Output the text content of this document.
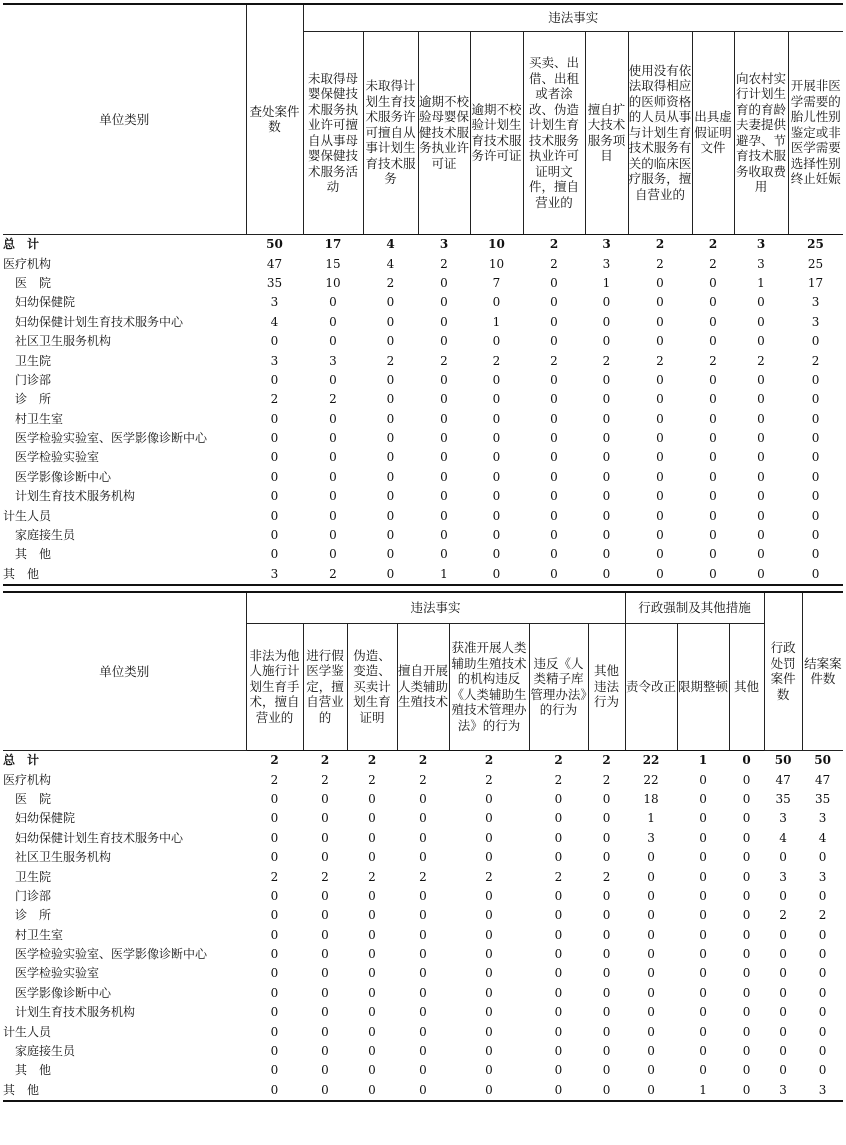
单位类别	查处案件数	违法事实									
		未取得母婴保健技术服务执业许可擅自从事母婴保健技术服务活动	未取得计划生育技术服务许可擅自从事计划生育技术服务	逾期不校验母婴保健技术服务执业许可证	逾期不校验计划生育技术服务许可证	买卖、出借、出租或者涂改、伪造计划生育技术服务执业许可证明文件，擅自营业的	擅自扩大技术服务项目	使用没有依法取得相应的医师资格的人员从事与计划生育技术服务有关的临床医疗服务，擅自营业的	出具虚假证明文件	向农村实行计划生育的育龄夫妻提供避孕、节育技术服务收取费用	开展非医学需要的胎儿性别鉴定或非医学需要选择性别终止妊娠
总　计	50	17	4	3	10	2	3	2	2	3	25
医疗机构	47	15	4	2	10	2	3	2	2	3	25
　医　院	35	10	2	0	7	0	1	0	0	1	17
　妇幼保健院	3	0	0	0	0	0	0	0	0	0	3
　妇幼保健计划生育技术服务中心	4	0	0	0	1	0	0	0	0	0	3
　社区卫生服务机构	0	0	0	0	0	0	0	0	0	0	0
　卫生院	3	3	2	2	2	2	2	2	2	2	2
　门诊部	0	0	0	0	0	0	0	0	0	0	0
　诊　所	2	2	0	0	0	0	0	0	0	0	0
　村卫生室	0	0	0	0	0	0	0	0	0	0	0
　医学检验实验室、医学影像诊断中心	0	0	0	0	0	0	0	0	0	0	0
　医学检验实验室	0	0	0	0	0	0	0	0	0	0	0
　医学影像诊断中心	0	0	0	0	0	0	0	0	0	0	0
　计划生育技术服务机构	0	0	0	0	0	0	0	0	0	0	0
计生人员	0	0	0	0	0	0	0	0	0	0	0
　家庭接生员	0	0	0	0	0	0	0	0	0	0	0
　其　他	0	0	0	0	0	0	0	0	0	0	0
其　他	3	2	0	1	0	0	0	0	0	0	0
单位类别	违法事实							行政强制及其他措施			行政处罚案件数	结案案件数
	非法为他人施行计划生育手术，擅自营业的	进行假医学鉴定，擅自营业的	伪造、变造、买卖计划生育证明	擅自开展人类辅助生殖技术	获准开展人类辅助生殖技术的机构违反《人类辅助生殖技术管理办法》的行为	违反《人类精子库管理办法》的行为	其他违法行为	责令改正	限期整顿	其他		
总　计	2	2	2	2	2	2	2	22	1	0	50	50
医疗机构	2	2	2	2	2	2	2	22	0	0	47	47
　医　院	0	0	0	0	0	0	0	18	0	0	35	35
　妇幼保健院	0	0	0	0	0	0	0	1	0	0	3	3
　妇幼保健计划生育技术服务中心	0	0	0	0	0	0	0	3	0	0	4	4
　社区卫生服务机构	0	0	0	0	0	0	0	0	0	0	0	0
　卫生院	2	2	2	2	2	2	2	0	0	0	3	3
　门诊部	0	0	0	0	0	0	0	0	0	0	0	0
　诊　所	0	0	0	0	0	0	0	0	0	0	2	2
　村卫生室	0	0	0	0	0	0	0	0	0	0	0	0
　医学检验实验室、医学影像诊断中心	0	0	0	0	0	0	0	0	0	0	0	0
　医学检验实验室	0	0	0	0	0	0	0	0	0	0	0	0
　医学影像诊断中心	0	0	0	0	0	0	0	0	0	0	0	0
　计划生育技术服务机构	0	0	0	0	0	0	0	0	0	0	0	0
计生人员	0	0	0	0	0	0	0	0	0	0	0	0
　家庭接生员	0	0	0	0	0	0	0	0	0	0	0	0
　其　他	0	0	0	0	0	0	0	0	0	0	0	0
其　他	0	0	0	0	0	0	0	0	1	0	3	3
